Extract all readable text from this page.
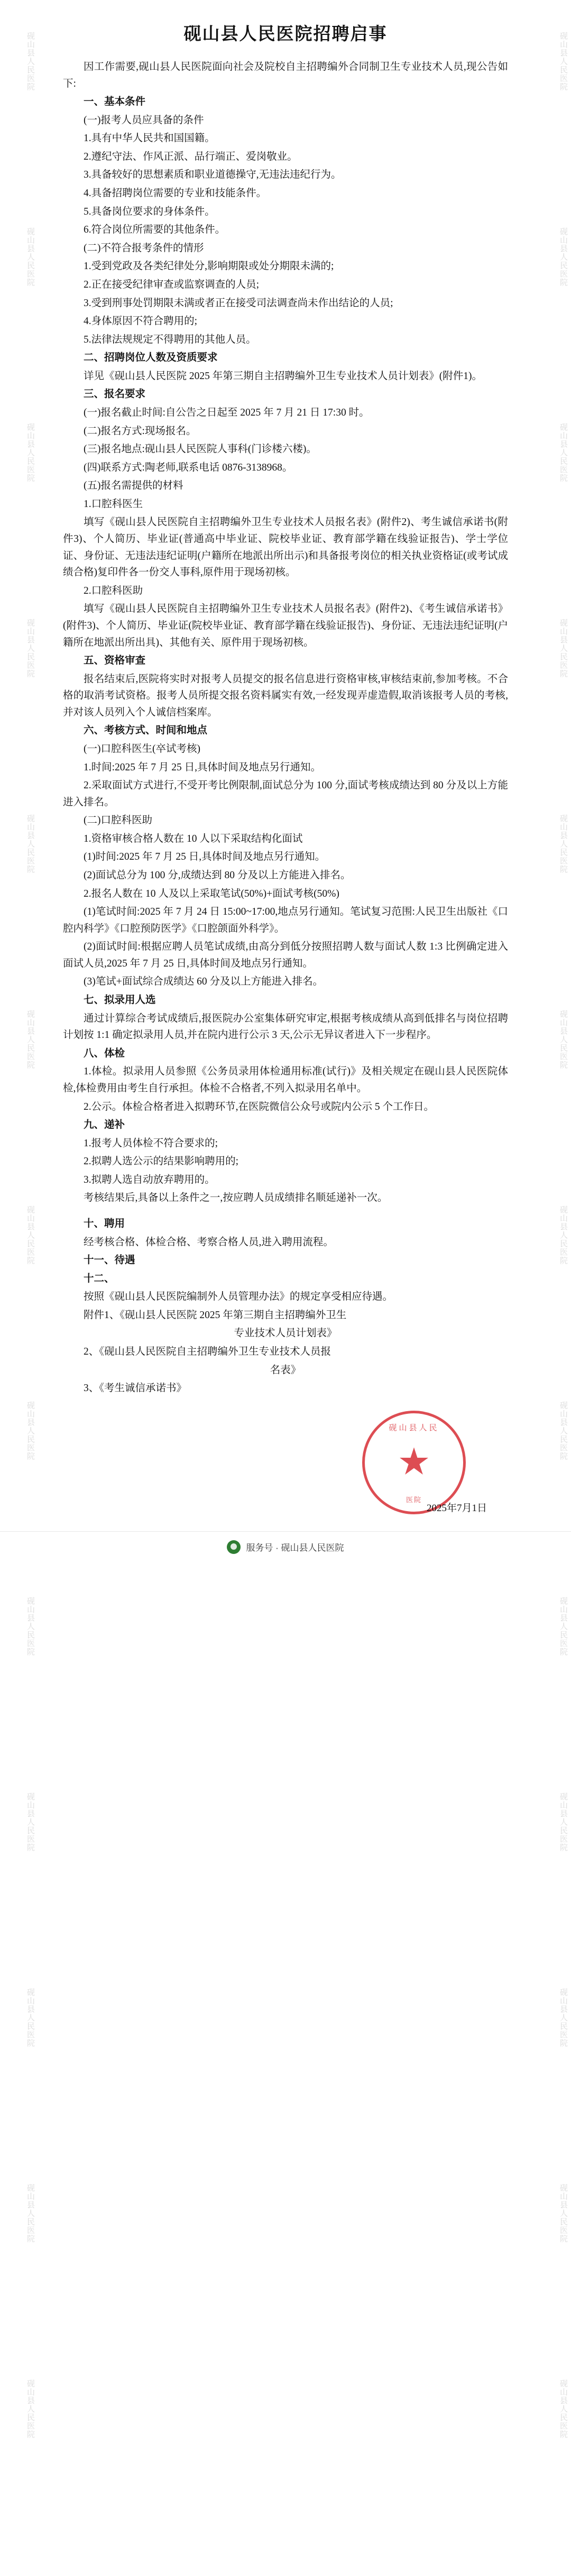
砚山县人民医院
砚山县人民医院
砚山县人民医院
砚山县人民医院
砚山县人民医院
砚山县人民医院
砚山县人民医院
砚山县人民医院
砚山县人民医院
砚山县人民医院
砚山县人民医院
砚山县人民医院
砚山县人民医院
砚山县人民医院
砚山县人民医院
砚山县人民医院
砚山县人民医院
砚山县人民医院
砚山县人民医院
砚山县人民医院
砚山县人民医院
砚山县人民医院
砚山县人民医院
砚山县人民医院
砚山县人民医院
砚山县人民医院
砚山县人民医院招聘启事

因工作需要,砚山县人民医院面向社会及院校自主招聘编外合同制卫生专业技术人员,现公告如下:

一、基本条件

(一)报考人员应具备的条件

1.具有中华人民共和国国籍。

2.遵纪守法、作风正派、品行端正、爱岗敬业。

3.具备较好的思想素质和职业道德操守,无违法违纪行为。

4.具备招聘岗位需要的专业和技能条件。

5.具备岗位要求的身体条件。

6.符合岗位所需要的其他条件。

(二)不符合报考条件的情形

1.受到党政及各类纪律处分,影响期限或处分期限未满的;

2.正在接受纪律审查或监察调查的人员;

3.受到刑事处罚期限未满或者正在接受司法调查尚未作出结论的人员;

4.身体原因不符合聘用的;

5.法律法规规定不得聘用的其他人员。

二、招聘岗位人数及资质要求

详见《砚山县人民医院 2025 年第三期自主招聘编外卫生专业技术人员计划表》(附件1)。

三、报名要求

(一)报名截止时间:自公告之日起至 2025 年 7 月 21 日 17:30 时。

(二)报名方式:现场报名。

(三)报名地点:砚山县人民医院人事科(门诊楼六楼)。

(四)联系方式:陶老师,联系电话 0876-3138968。

(五)报名需提供的材料

1.口腔科医生

填写《砚山县人民医院自主招聘编外卫生专业技术人员报名表》(附件2)、考生诚信承诺书(附件3)、个人简历、毕业证(普通高中毕业证、院校毕业证、教育部学籍在线验证报告)、学士学位证、身份证、无违法违纪证明(户籍所在地派出所出示)和具备报考岗位的相关执业资格证(或考试成绩合格)复印件各一份交人事科,原件用于现场初核。

2.口腔科医助

填写《砚山县人民医院自主招聘编外卫生专业技术人员报名表》(附件2)、《考生诚信承诺书》(附件3)、个人简历、毕业证(院校毕业证、教育部学籍在线验证报告)、身份证、无违法违纪证明(户籍所在地派出所出具)、其他有关、原件用于现场初核。

五、资格审查

报名结束后,医院将实时对报考人员提交的报名信息进行资格审核,审核结束前,参加考核。不合格的取消考试资格。报考人员所提交报名资料属实有效,一经发现弄虚造假,取消该报考人员的考核,并对该人员列入个人诚信档案库。

六、考核方式、时间和地点

(一)口腔科医生(卒试考核)

1.时间:2025 年 7 月 25 日,具体时间及地点另行通知。

2.采取面试方式进行,不受开考比例限制,面试总分为 100 分,面试考核成绩达到 80 分及以上方能进入排名。

(二)口腔科医助

1.资格审核合格人数在 10 人以下采取结构化面试

(1)时间:2025 年 7 月 25 日,具体时间及地点另行通知。

(2)面试总分为 100 分,成绩达到 80 分及以上方能进入排名。

2.报名人数在 10 人及以上采取笔试(50%)+面试考核(50%)

(1)笔试时间:2025 年 7 月 24 日 15:00~17:00,地点另行通知。笔试复习范围:人民卫生出版社《口腔内科学》《口腔预防医学》《口腔颌面外科学》。

(2)面试时间:根据应聘人员笔试成绩,由高分到低分按照招聘人数与面试人数 1:3 比例确定进入面试人员,2025 年 7 月 25 日,具体时间及地点另行通知。

(3)笔试+面试综合成绩达 60 分及以上方能进入排名。

七、拟录用人选

通过计算综合考试成绩后,报医院办公室集体研究审定,根据考核成绩从高到低排名与岗位招聘计划按 1:1 确定拟录用人员,并在院内进行公示 3 天,公示无异议者进入下一步程序。

八、体检

1.体检。拟录用人员参照《公务员录用体检通用标准(试行)》及相关规定在砚山县人民医院体检,体检费用由考生自行承担。体检不合格者,不列入拟录用名单中。

2.公示。体检合格者进入拟聘环节,在医院微信公众号或院内公示 5 个工作日。

九、递补

1.报考人员体检不符合要求的;

2.拟聘人选公示的结果影响聘用的;

3.拟聘人选自动放弃聘用的。

考核结果后,具备以上条件之一,按应聘人员成绩排名顺延递补一次。

十、聘用

经考核合格、体检合格、考察合格人员,进入聘用流程。

十一、待遇

十二、

按照《砚山县人民医院编制外人员管理办法》的规定享受相应待遇。

附件1、《砚山县人民医院 2025 年第三期自主招聘编外卫生

专业技术人员计划表》

2、《砚山县人民医院自主招聘编外卫生专业技术人员报

名表》

3、《考生诚信承诺书》

砚山县人民
★
医院
2025年7月1日
服务号 · 砚山县人民医院
